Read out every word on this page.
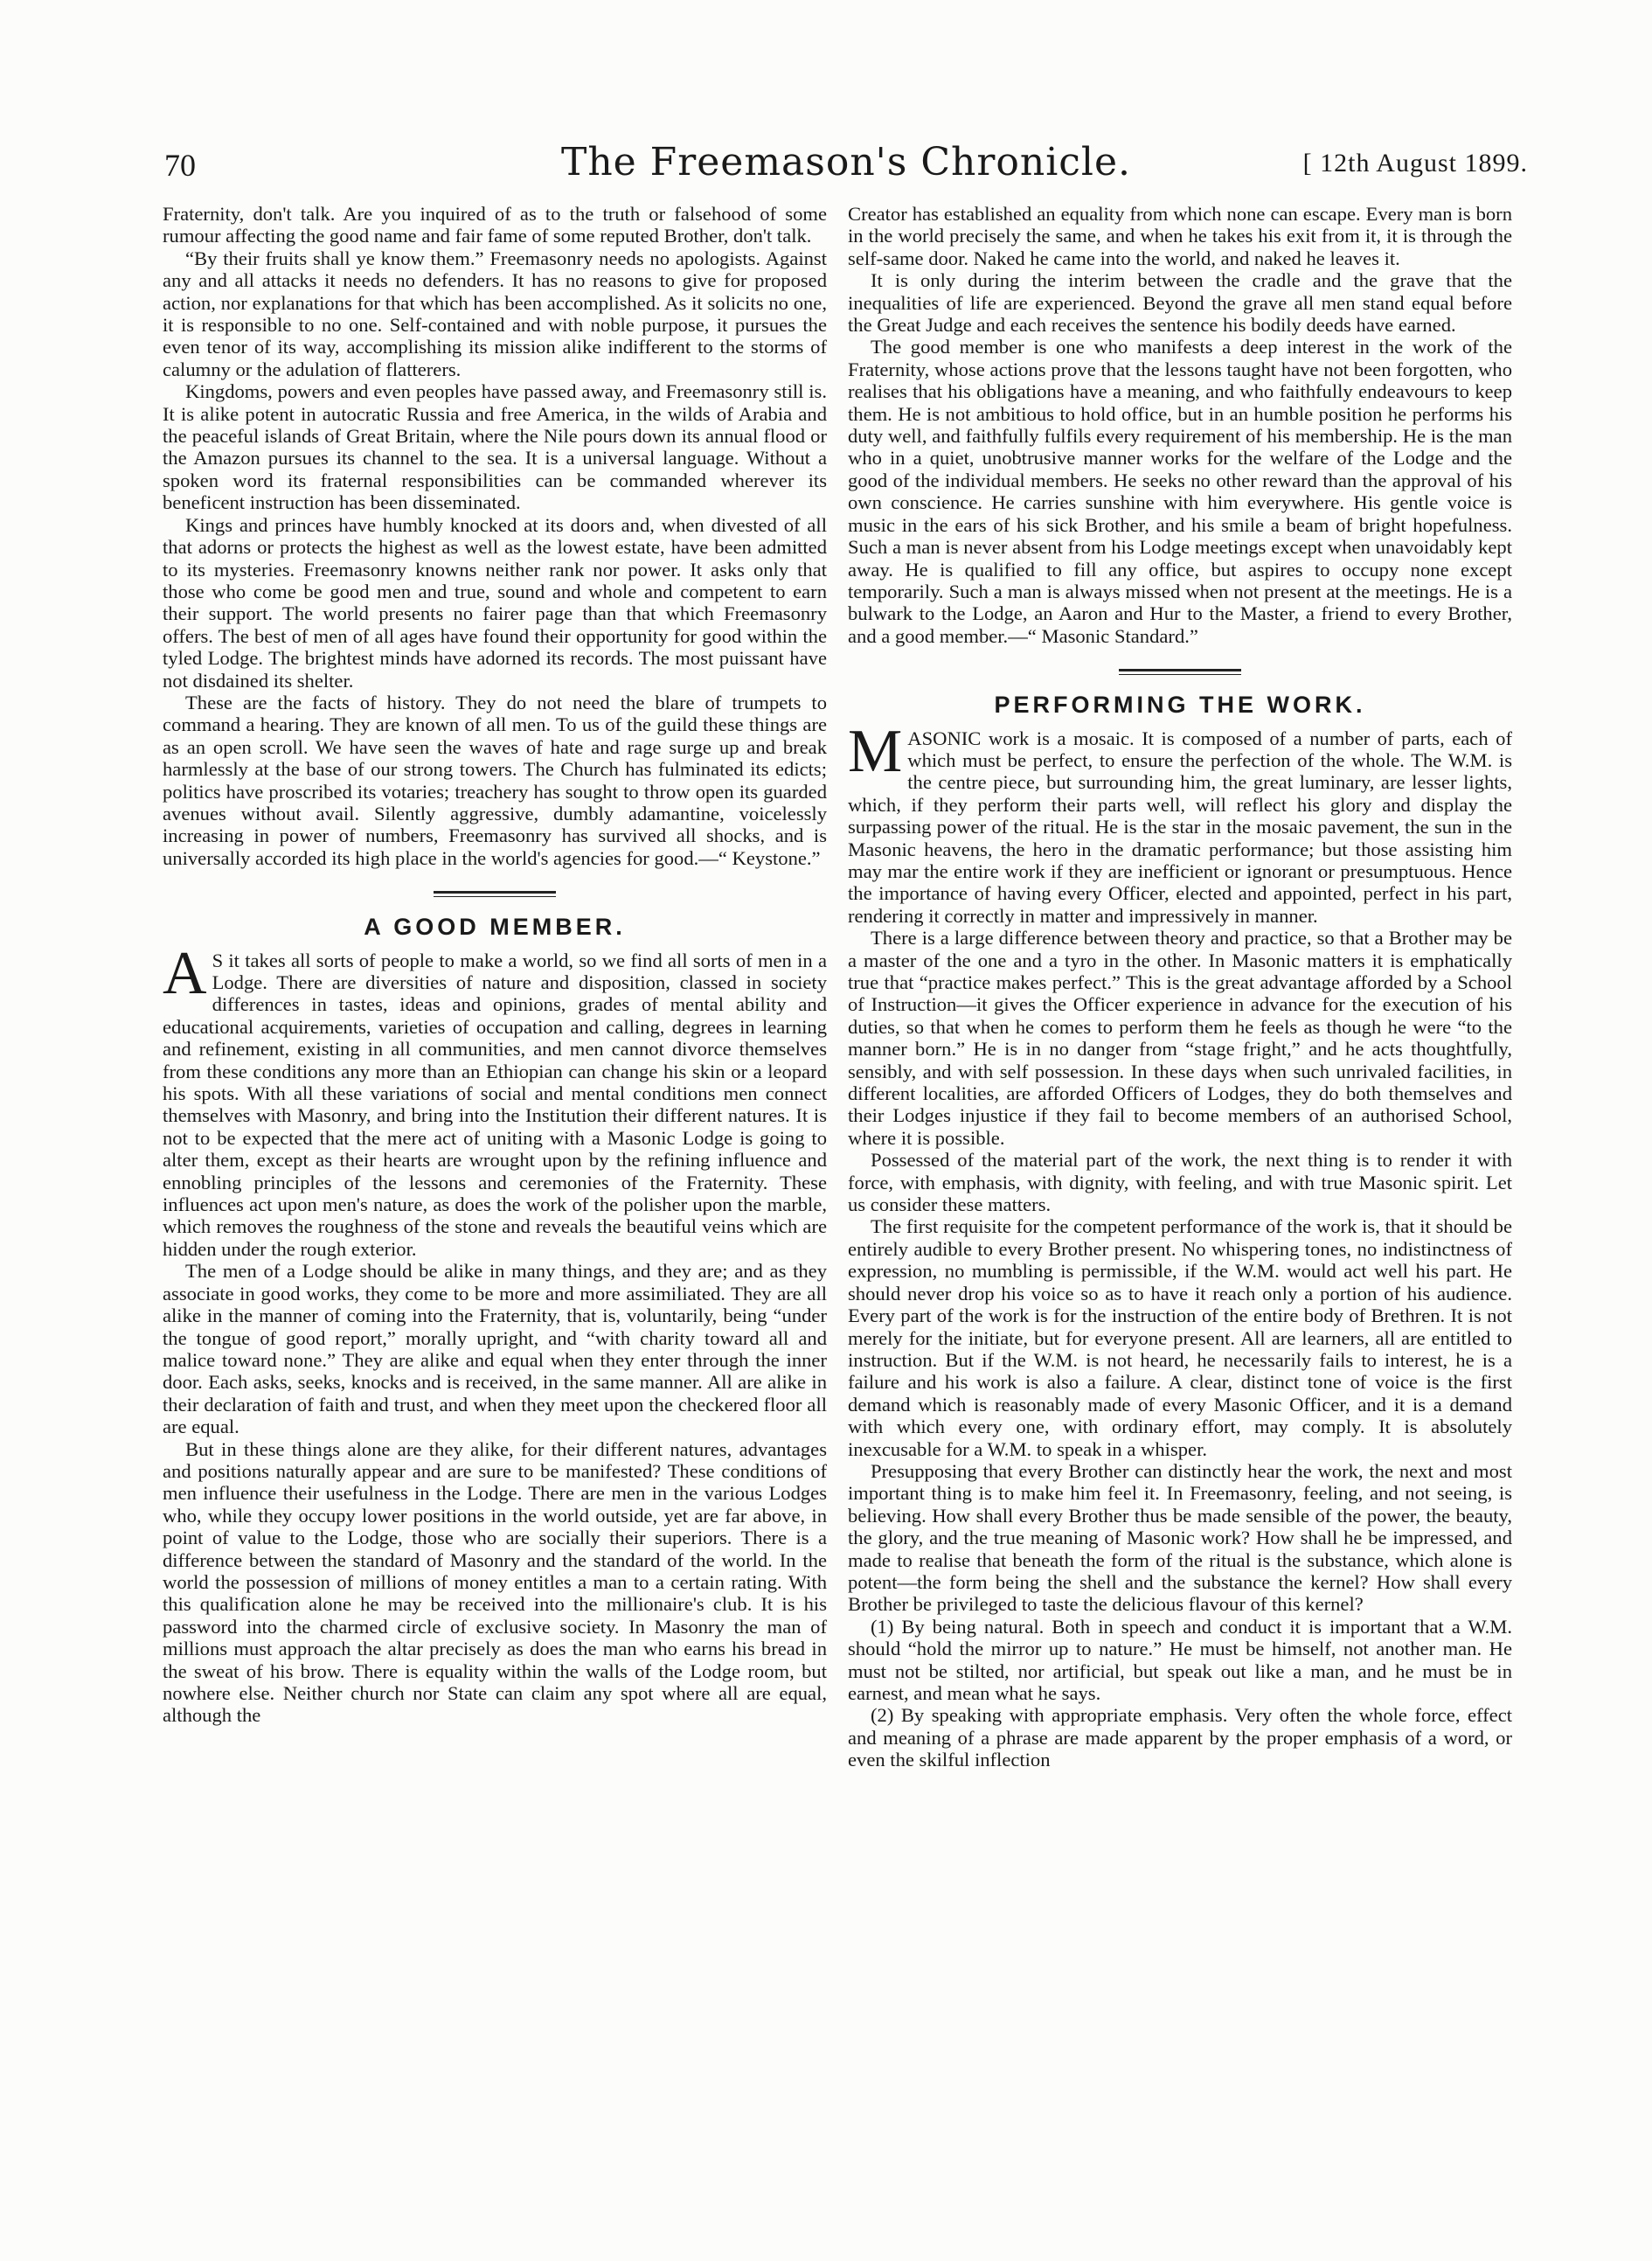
70	The Freemason's Chronicle.	[ 12th August 1899.

Fraternity, don't talk. Are you inquired of as to the truth or falsehood of some rumour affecting the good name and fair fame of some reputed Brother, don't talk.

“By their fruits shall ye know them.” Freemasonry needs no apologists. Against any and all attacks it needs no defenders. It has no reasons to give for proposed action, nor explanations for that which has been accomplished. As it solicits no one, it is responsible to no one. Self-contained and with noble purpose, it pursues the even tenor of its way, accomplishing its mission alike indifferent to the storms of calumny or the adulation of flatterers.

Kingdoms, powers and even peoples have passed away, and Freemasonry still is. It is alike potent in autocratic Russia and free America, in the wilds of Arabia and the peaceful islands of Great Britain, where the Nile pours down its annual flood or the Amazon pursues its channel to the sea. It is a universal language. Without a spoken word its fraternal responsibilities can be commanded wherever its beneficent instruction has been disseminated.

Kings and princes have humbly knocked at its doors and, when divested of all that adorns or protects the highest as well as the lowest estate, have been admitted to its mysteries. Freemasonry knowns neither rank nor power. It asks only that those who come be good men and true, sound and whole and competent to earn their support. The world presents no fairer page than that which Freemasonry offers. The best of men of all ages have found their opportunity for good within the tyled Lodge. The brightest minds have adorned its records. The most puissant have not disdained its shelter.

These are the facts of history. They do not need the blare of trumpets to command a hearing. They are known of all men. To us of the guild these things are as an open scroll. We have seen the waves of hate and rage surge up and break harmlessly at the base of our strong towers. The Church has fulminated its edicts; politics have proscribed its votaries; treachery has sought to throw open its guarded avenues without avail. Silently aggressive, dumbly adamantine, voicelessly increasing in power of numbers, Freemasonry has survived all shocks, and is universally accorded its high place in the world's agencies for good.—“ Keystone.”

A GOOD MEMBER.

A S it takes all sorts of people to make a world, so we find all sorts of men in a Lodge. There are diversities of nature and disposition, classed in society differences in tastes, ideas and opinions, grades of mental ability and educational acquirements, varieties of occupation and calling, degrees in learning and refinement, existing in all communities, and men cannot divorce themselves from these conditions any more than an Ethiopian can change his skin or a leopard his spots. With all these variations of social and mental conditions men connect themselves with Masonry, and bring into the Institution their different natures. It is not to be expected that the mere act of uniting with a Masonic Lodge is going to alter them, except as their hearts are wrought upon by the refining influence and ennobling principles of the lessons and ceremonies of the Fraternity. These influences act upon men's nature, as does the work of the polisher upon the marble, which removes the roughness of the stone and reveals the beautiful veins which are hidden under the rough exterior.

The men of a Lodge should be alike in many things, and they are; and as they associate in good works, they come to be more and more assimiliated. They are all alike in the manner of coming into the Fraternity, that is, voluntarily, being “under the tongue of good report,” morally upright, and “with charity toward all and malice toward none.” They are alike and equal when they enter through the inner door. Each asks, seeks, knocks and is received, in the same manner. All are alike in their declaration of faith and trust, and when they meet upon the checkered floor all are equal.

But in these things alone are they alike, for their different natures, advantages and positions naturally appear and are sure to be manifested? These conditions of men influence their usefulness in the Lodge. There are men in the various Lodges who, while they occupy lower positions in the world outside, yet are far above, in point of value to the Lodge, those who are socially their superiors. There is a difference between the standard of Masonry and the standard of the world. In the world the possession of millions of money entitles a man to a certain rating. With this qualification alone he may be received into the millionaire's club. It is his password into the charmed circle of exclusive society. In Masonry the man of millions must approach the altar precisely as does the man who earns his bread in the sweat of his brow. There is equality within the walls of the Lodge room, but nowhere else. Neither church nor State can claim any spot where all are equal, although the

Creator has established an equality from which none can escape. Every man is born in the world precisely the same, and when he takes his exit from it, it is through the self-same door. Naked he came into the world, and naked he leaves it.

It is only during the interim between the cradle and the grave that the inequalities of life are experienced. Beyond the grave all men stand equal before the Great Judge and each receives the sentence his bodily deeds have earned.

The good member is one who manifests a deep interest in the work of the Fraternity, whose actions prove that the lessons taught have not been forgotten, who realises that his obligations have a meaning, and who faithfully endeavours to keep them. He is not ambitious to hold office, but in an humble position he performs his duty well, and faithfully fulfils every requirement of his membership. He is the man who in a quiet, unobtrusive manner works for the welfare of the Lodge and the good of the individual members. He seeks no other reward than the approval of his own conscience. He carries sunshine with him everywhere. His gentle voice is music in the ears of his sick Brother, and his smile a beam of bright hopefulness. Such a man is never absent from his Lodge meetings except when unavoidably kept away. He is qualified to fill any office, but aspires to occupy none except temporarily. Such a man is always missed when not present at the meetings. He is a bulwark to the Lodge, an Aaron and Hur to the Master, a friend to every Brother, and a good member.—“ Masonic Standard.”

PERFORMING THE WORK.

MASONIC work is a mosaic. It is composed of a number of parts, each of which must be perfect, to ensure the perfection of the whole. The W.M. is the centre piece, but surrounding him, the great luminary, are lesser lights, which, if they perform their parts well, will reflect his glory and display the surpassing power of the ritual. He is the star in the mosaic pavement, the sun in the Masonic heavens, the hero in the dramatic performance; but those assisting him may mar the entire work if they are inefficient or ignorant or presumptuous. Hence the importance of having every Officer, elected and appointed, perfect in his part, rendering it correctly in matter and impressively in manner.

There is a large difference between theory and practice, so that a Brother may be a master of the one and a tyro in the other. In Masonic matters it is emphatically true that “practice makes perfect.” This is the great advantage afforded by a School of Instruction—it gives the Officer experience in advance for the execution of his duties, so that when he comes to perform them he feels as though he were “to the manner born.” He is in no danger from “stage fright,” and he acts thoughtfully, sensibly, and with self possession. In these days when such unrivaled facilities, in different localities, are afforded Officers of Lodges, they do both themselves and their Lodges injustice if they fail to become members of an authorised School, where it is possible.

Possessed of the material part of the work, the next thing is to render it with force, with emphasis, with dignity, with feeling, and with true Masonic spirit. Let us consider these matters.

The first requisite for the competent performance of the work is, that it should be entirely audible to every Brother present. No whispering tones, no indistinctness of expression, no mumbling is permissible, if the W.M. would act well his part. He should never drop his voice so as to have it reach only a portion of his audience. Every part of the work is for the instruction of the entire body of Brethren. It is not merely for the initiate, but for everyone present. All are learners, all are entitled to instruction. But if the W.M. is not heard, he necessarily fails to interest, he is a failure and his work is also a failure. A clear, distinct tone of voice is the first demand which is reasonably made of every Masonic Officer, and it is a demand with which every one, with ordinary effort, may comply. It is absolutely inexcusable for a W.M. to speak in a whisper.

Presupposing that every Brother can distinctly hear the work, the next and most important thing is to make him feel it. In Freemasonry, feeling, and not seeing, is believing. How shall every Brother thus be made sensible of the power, the beauty, the glory, and the true meaning of Masonic work? How shall he be impressed, and made to realise that beneath the form of the ritual is the substance, which alone is potent—the form being the shell and the substance the kernel? How shall every Brother be privileged to taste the delicious flavour of this kernel?

(1) By being natural. Both in speech and conduct it is important that a W.M. should “hold the mirror up to nature.” He must be himself, not another man. He must not be stilted, nor artificial, but speak out like a man, and he must be in earnest, and mean what he says.

(2) By speaking with appropriate emphasis. Very often the whole force, effect and meaning of a phrase are made apparent by the proper emphasis of a word, or even the skilful inflection
